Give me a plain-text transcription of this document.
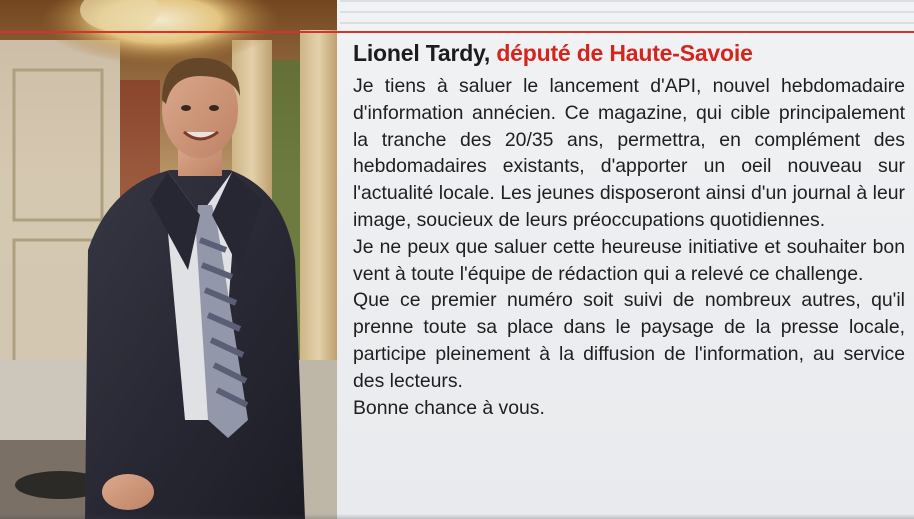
Lionel Tardy, député de Haute-Savoie

Je tiens à saluer le lancement d'API, nouvel hebdomadaire d'information annécien. Ce magazine, qui cible principalement la tranche des 20/35 ans, permettra, en complément des hebdomadaires existants, d'apporter un oeil nouveau sur l'actualité locale. Les jeunes disposeront ainsi d'un journal à leur image, soucieux de leurs préoccupations quotidiennes.

Je ne peux que saluer cette heureuse initiative et souhaiter bon vent à toute l'équipe de rédaction qui a relevé ce challenge.

Que ce premier numéro soit suivi de nombreux autres, qu'il prenne toute sa place dans le paysage de la presse locale, participe pleinement à la diffusion de l'information, au service des lecteurs.

Bonne chance à vous.
